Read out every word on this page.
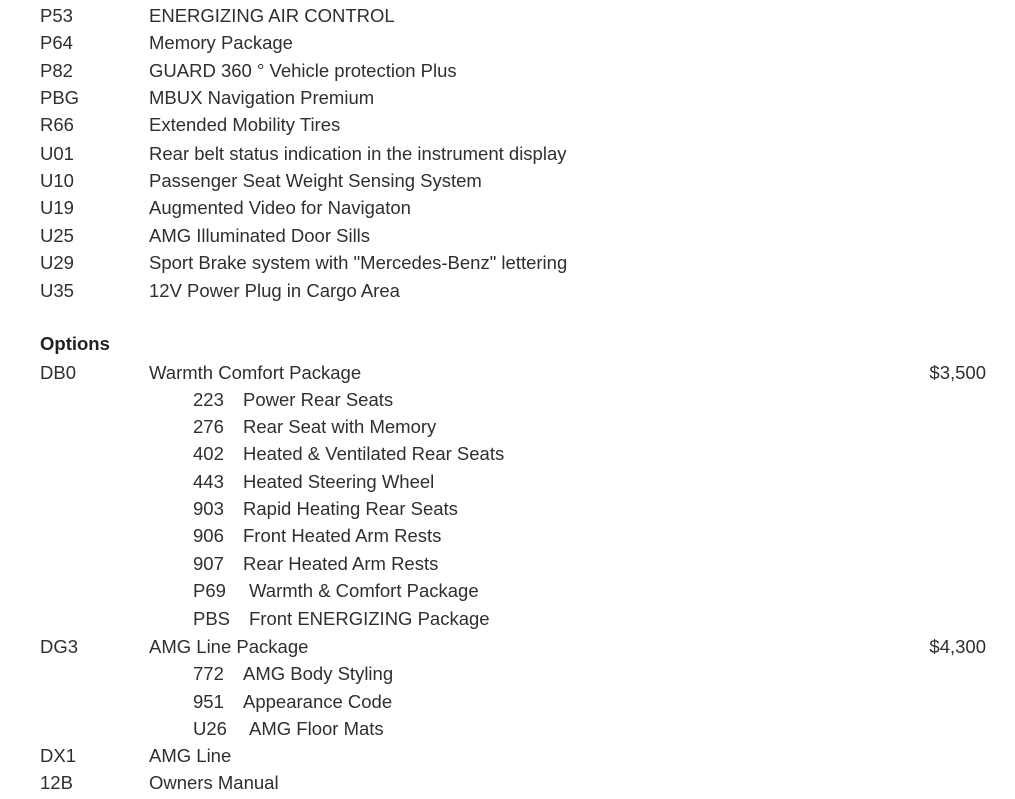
P53	ENERGIZING AIR CONTROL
P64	Memory Package
P82	GUARD 360 ° Vehicle protection Plus
PBG	MBUX Navigation Premium
R66	Extended Mobility Tires
U01	Rear belt status indication in the instrument display
U10	Passenger Seat Weight Sensing System
U19	Augmented Video for Navigaton
U25	AMG Illuminated Door Sills
U29	Sport Brake system with "Mercedes-Benz" lettering
U35	12V Power Plug in Cargo Area
Options
DB0	Warmth Comfort Package	$3,500
223 Power Rear Seats
276 Rear Seat with Memory
402 Heated & Ventilated Rear Seats
443 Heated Steering Wheel
903 Rapid Heating Rear Seats
906 Front Heated Arm Rests
907 Rear Heated Arm Rests
P69 Warmth & Comfort Package
PBS Front ENERGIZING Package
DG3	AMG Line Package	$4,300
772 AMG Body Styling
951 Appearance Code
U26 AMG Floor Mats
DX1	AMG Line
12B	Owners Manual
